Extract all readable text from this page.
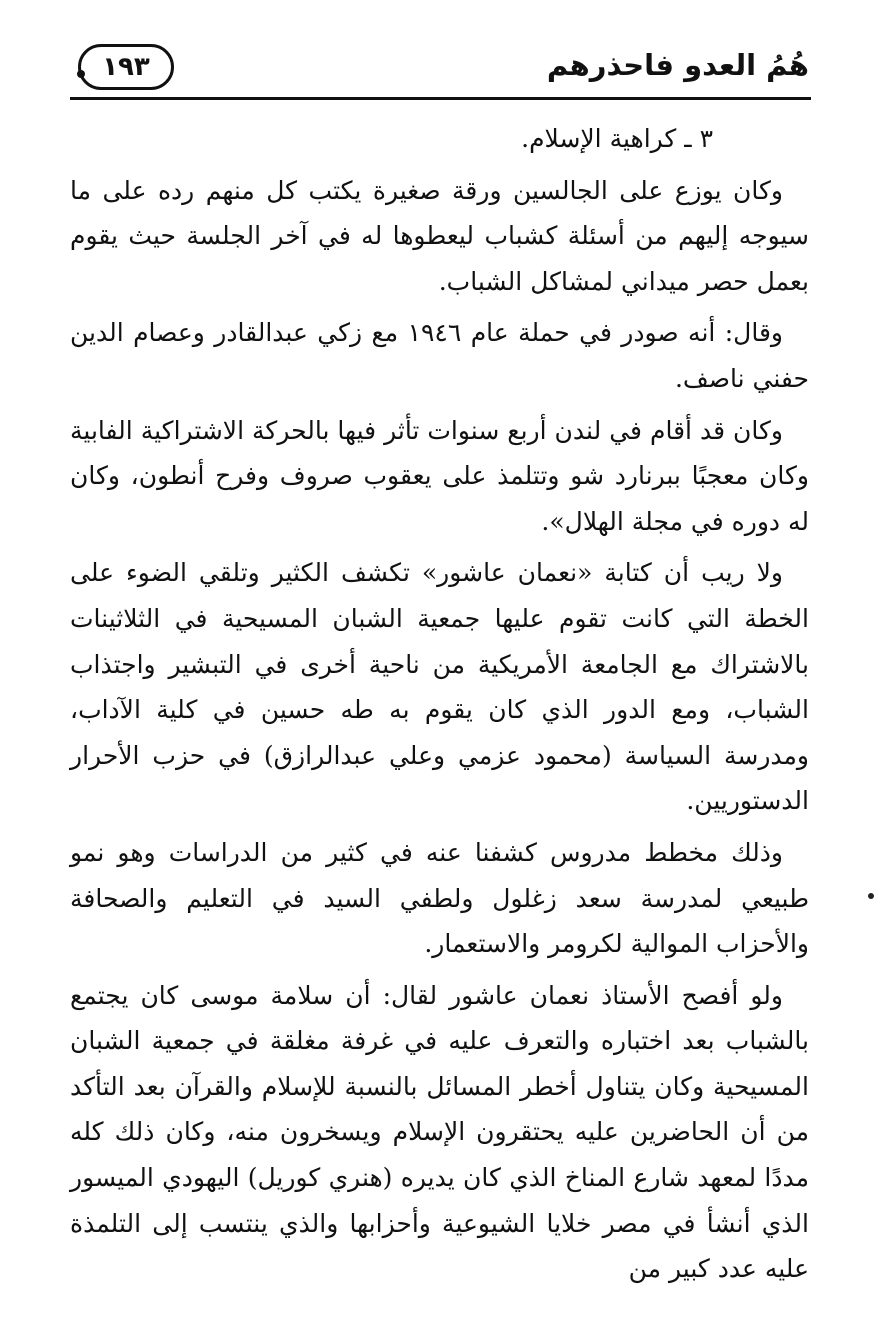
١٩٣	هُمُ العدو فاحذرهم

٣ ـ كراهية الإسلام.

وكان يوزع على الجالسين ورقة صغيرة يكتب كل منهم رده على ما سيوجه إليهم من أسئلة كشباب ليعطوها له في آخر الجلسة حيث يقوم بعمل حصر ميداني لمشاكل الشباب.

وقال: أنه صودر في حملة عام ١٩٤٦ مع زكي عبدالقادر وعصام الدين حفني ناصف.

وكان قد أقام في لندن أربع سنوات تأثر فيها بالحركة الاشتراكية الفابية وكان معجبًا ببرنارد شو وتتلمذ على يعقوب صروف وفرح أنطون، وكان له دوره في مجلة الهلال».

ولا ريب أن كتابة «نعمان عاشور» تكشف الكثير وتلقي الضوء على الخطة التي كانت تقوم عليها جمعية الشبان المسيحية في الثلاثينات بالاشتراك مع الجامعة الأمريكية من ناحية أخرى في التبشير واجتذاب الشباب، ومع الدور الذي كان يقوم به طه حسين في كلية الآداب، ومدرسة السياسة (محمود عزمي وعلي عبدالرازق) في حزب الأحرار الدستوريين.

وذلك مخطط مدروس كشفنا عنه في كثير من الدراسات وهو نمو طبيعي لمدرسة سعد زغلول ولطفي السيد في التعليم والصحافة والأحزاب الموالية لكرومر والاستعمار.

ولو أفصح الأستاذ نعمان عاشور لقال: أن سلامة موسى كان يجتمع بالشباب بعد اختباره والتعرف عليه في غرفة مغلقة في جمعية الشبان المسيحية وكان يتناول أخطر المسائل بالنسبة للإسلام والقرآن بعد التأكد من أن الحاضرين عليه يحتقرون الإسلام ويسخرون منه، وكان ذلك كله مددًا لمعهد شارع المناخ الذي كان يديره (هنري كوريل) اليهودي الميسور الذي أنشأ في مصر خلايا الشيوعية وأحزابها والذي ينتسب إلى التلمذة عليه عدد كبير من
